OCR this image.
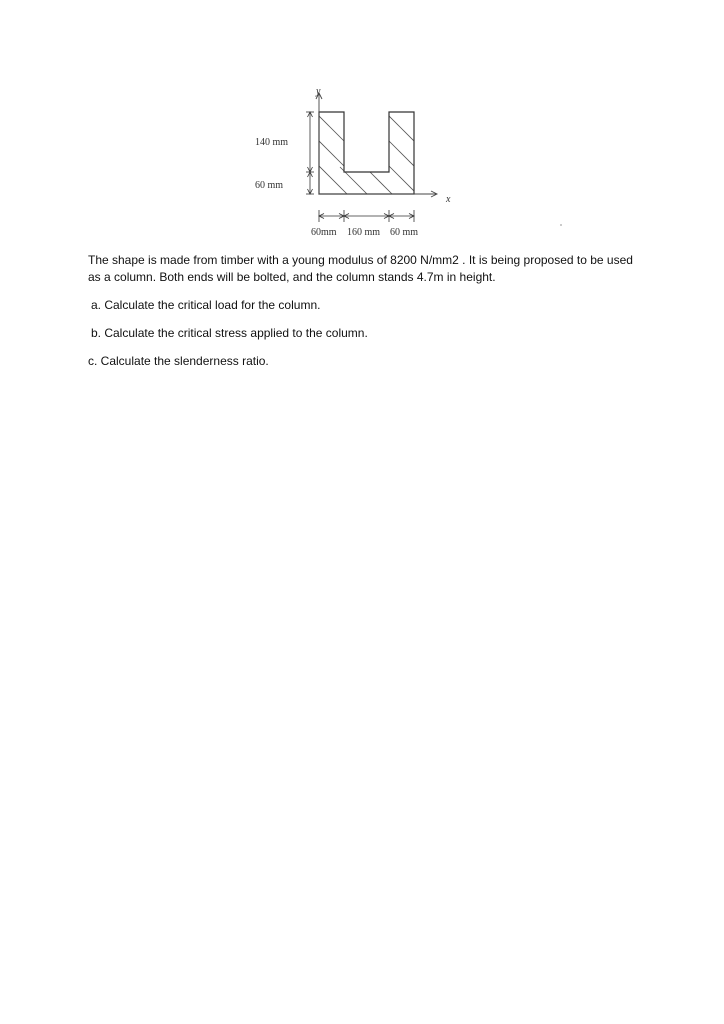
y
x
140 mm
60 mm
60mm 160 mm 60 mm

The shape is made from timber with a young modulus of 8200 N/mm2 . It is being proposed to be used as a column. Both ends will be bolted, and the column stands 4.7m in height.

a. Calculate the critical load for the column.

b. Calculate the critical stress applied to the column.

c. Calculate the slenderness ratio.
